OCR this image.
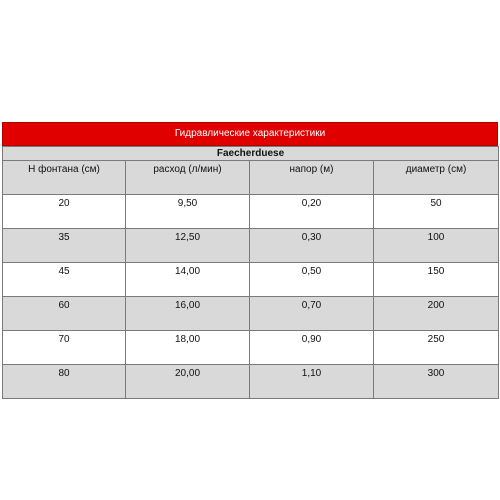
Гидравлические характеристики
Faecherduese			
H фонтана (см)	расход (л/мин)	напор (м)	диаметр (см)
20	9,50	0,20	50
35	12,50	0,30	100
45	14,00	0,50	150
60	16,00	0,70	200
70	18,00	0,90	250
80	20,00	1,10	300
